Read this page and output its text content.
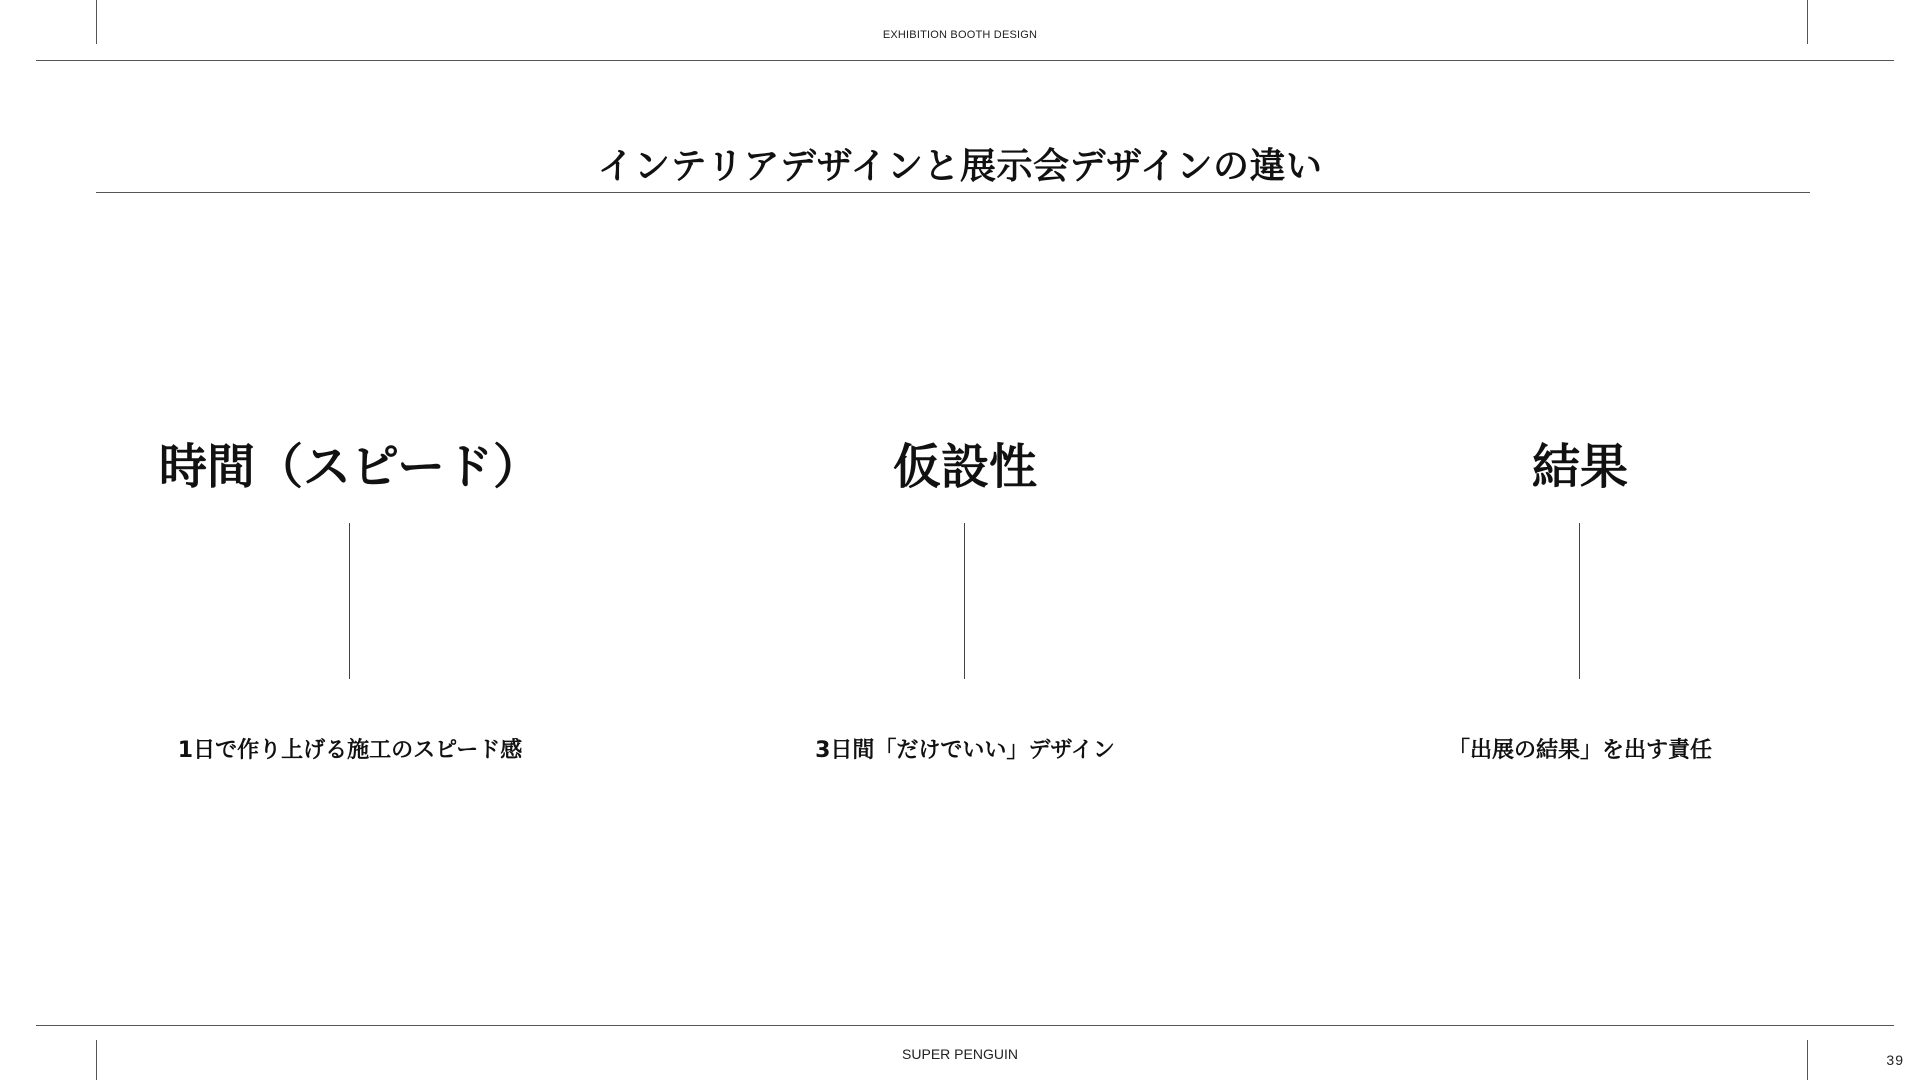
EXHIBITION BOOTH DESIGN
インテリアデザインと展示会デザインの違い
時間（スピード）
1日で作り上げる施工のスピード感
仮設性
3日間「だけでいい」デザイン
結果
「出展の結果」を出す責任
SUPER PENGUIN	39
